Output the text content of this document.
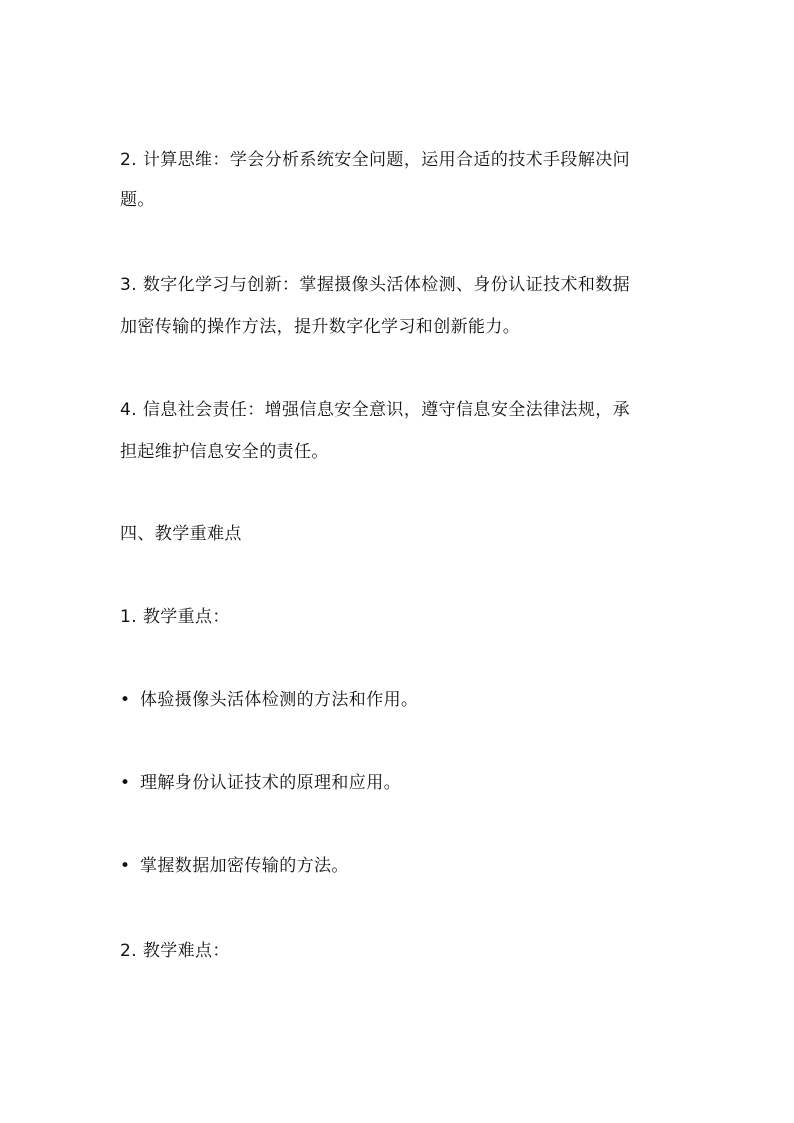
2. 计算思维：学会分析系统安全问题，运用合适的技术手段解决问
题。
3. 数字化学习与创新：掌握摄像头活体检测、身份认证技术和数据
加密传输的操作方法，提升数字化学习和创新能力。
4. 信息社会责任：增强信息安全意识，遵守信息安全法律法规，承
担起维护信息安全的责任。
四、教学重难点
1. 教学重点：
• 体验摄像头活体检测的方法和作用。
• 理解身份认证技术的原理和应用。
• 掌握数据加密传输的方法。
2. 教学难点：
